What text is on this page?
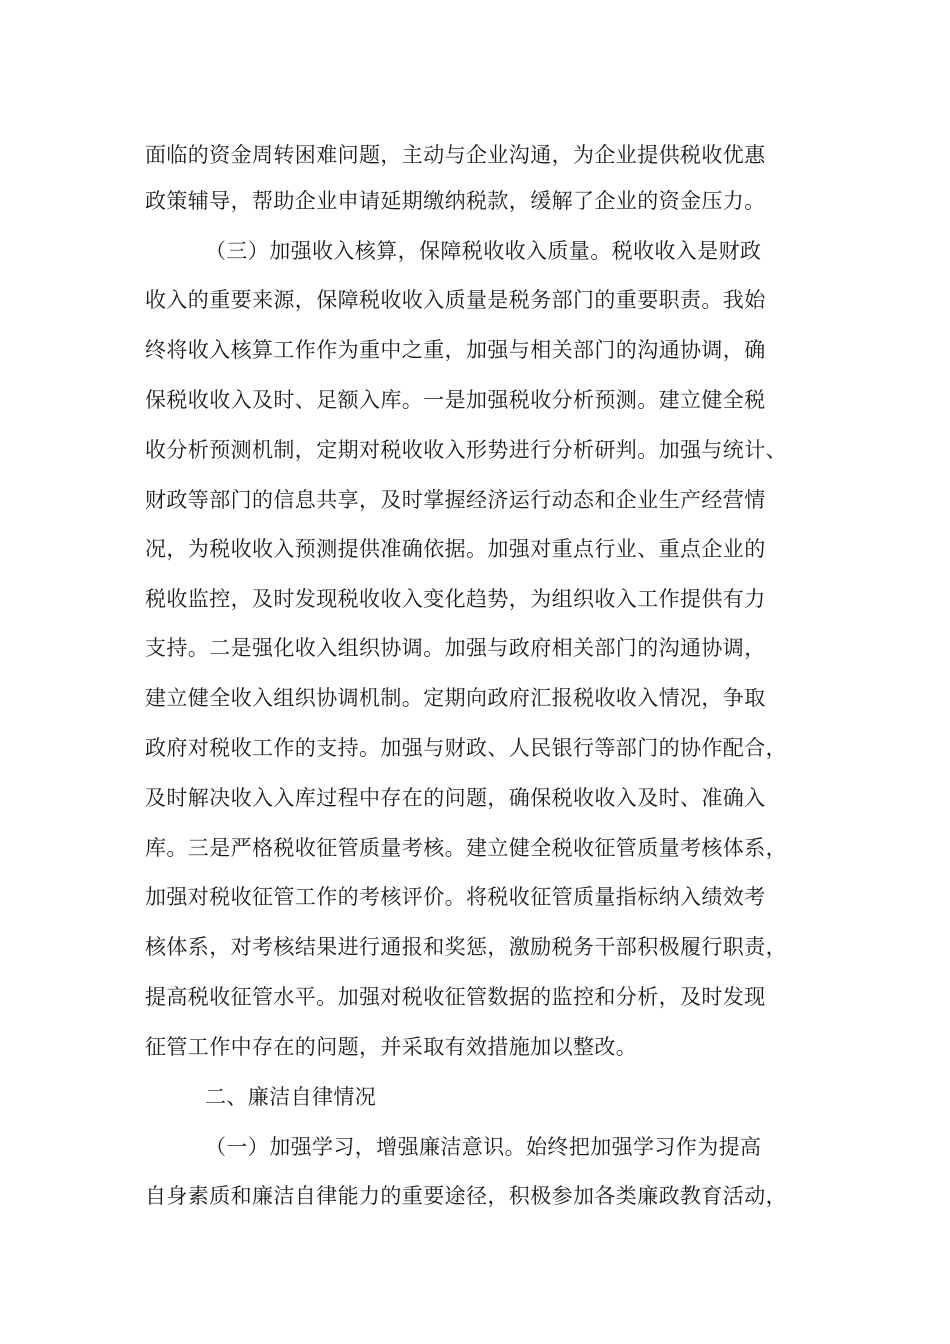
面临的资金周转困难问题，主动与企业沟通，为企业提供税收优惠
政策辅导，帮助企业申请延期缴纳税款，缓解了企业的资金压力。
（三）加强收入核算，保障税收收入质量。税收收入是财政
收入的重要来源，保障税收收入质量是税务部门的重要职责。我始
终将收入核算工作作为重中之重，加强与相关部门的沟通协调，确
保税收收入及时、足额入库。一是加强税收分析预测。建立健全税
收分析预测机制，定期对税收收入形势进行分析研判。加强与统计、
财政等部门的信息共享，及时掌握经济运行动态和企业生产经营情
况，为税收收入预测提供准确依据。加强对重点行业、重点企业的
税收监控，及时发现税收收入变化趋势，为组织收入工作提供有力
支持。二是强化收入组织协调。加强与政府相关部门的沟通协调，
建立健全收入组织协调机制。定期向政府汇报税收收入情况，争取
政府对税收工作的支持。加强与财政、人民银行等部门的协作配合，
及时解决收入入库过程中存在的问题，确保税收收入及时、准确入
库。三是严格税收征管质量考核。建立健全税收征管质量考核体系，
加强对税收征管工作的考核评价。将税收征管质量指标纳入绩效考
核体系，对考核结果进行通报和奖惩，激励税务干部积极履行职责，
提高税收征管水平。加强对税收征管数据的监控和分析，及时发现
征管工作中存在的问题，并采取有效措施加以整改。
二、廉洁自律情况
（一）加强学习，增强廉洁意识。始终把加强学习作为提高
自身素质和廉洁自律能力的重要途径，积极参加各类廉政教育活动，
